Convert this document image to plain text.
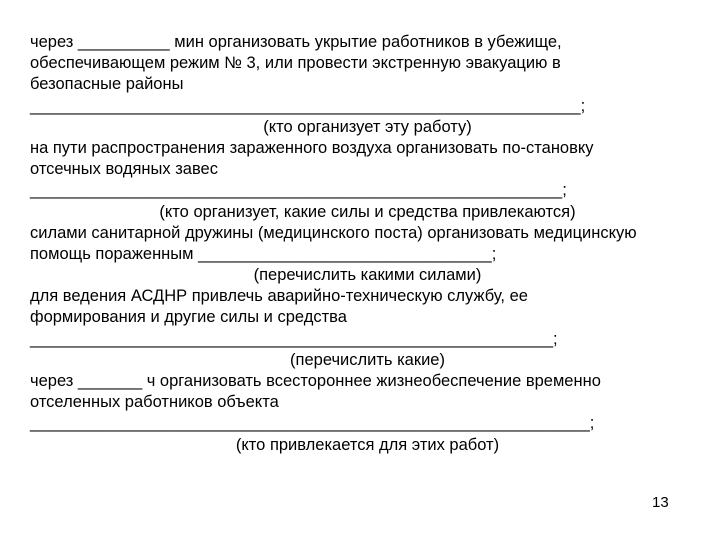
через __________ мин организовать укрытие работников в убежище,
обеспечивающем режим № 3, или провести экстренную эвакуацию в
безопасные районы
____________________________________________________________;
(кто организует эту работу)
на пути распространения зараженного воздуха организовать по-становку
отсечных водяных завес
__________________________________________________________;
(кто организует, какие силы и средства привлекаются)
силами санитарной дружины (медицинского поста) организовать медицинскую
помощь пораженным ________________________________;
(перечислить какими силами)
для ведения АСДНР привлечь аварийно-техническую службу, ее
формирования и другие силы и средства
_________________________________________________________;
(перечислить какие)
через _______ ч организовать всестороннее жизнеобеспечение временно
отселенных работников объекта
_____________________________________________________________;
(кто привлекается для этих работ)
13
